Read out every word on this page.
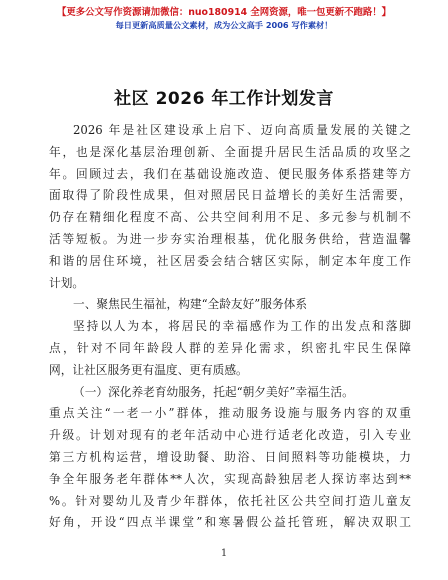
【更多公文写作资源请加微信：nuo180914 全网资源，唯一包更新不跑路！】
每日更新高质量公文素材，成为公文高手 2006 写作素材！
社区 2026 年工作计划发言

2026 年是社区建设承上启下、迈向高质量发展的关键之

年，也是深化基层治理创新、全面提升居民生活品质的攻坚之

年。回顾过去，我们在基础设施改造、便民服务体系搭建等方

面取得了阶段性成果，但对照居民日益增长的美好生活需要，

仍存在精细化程度不高、公共空间利用不足、多元参与机制不

活等短板。为进一步夯实治理根基，优化服务供给，营造温馨

和谐的居住环境，社区居委会结合辖区实际，制定本年度工作

计划。

一、聚焦民生福祉，构建“全龄友好”服务体系

坚持以人为本，将居民的幸福感作为工作的出发点和落脚

点，针对不同年龄段人群的差异化需求，织密扎牢民生保障

网，让社区服务更有温度、更有质感。

（一）深化养老育幼服务，托起“朝夕美好”幸福生活。

重点关注“一老一小”群体，推动服务设施与服务内容的双重

升级。计划对现有的老年活动中心进行适老化改造，引入专业

第三方机构运营，增设助餐、助浴、日间照料等功能模块，力

争全年服务老年群体**人次，实现高龄独居老人探访率达到**

%。针对婴幼儿及青少年群体，依托社区公共空间打造儿童友

好角，开设“四点半课堂”和寒暑假公益托管班，解决双职工

1
